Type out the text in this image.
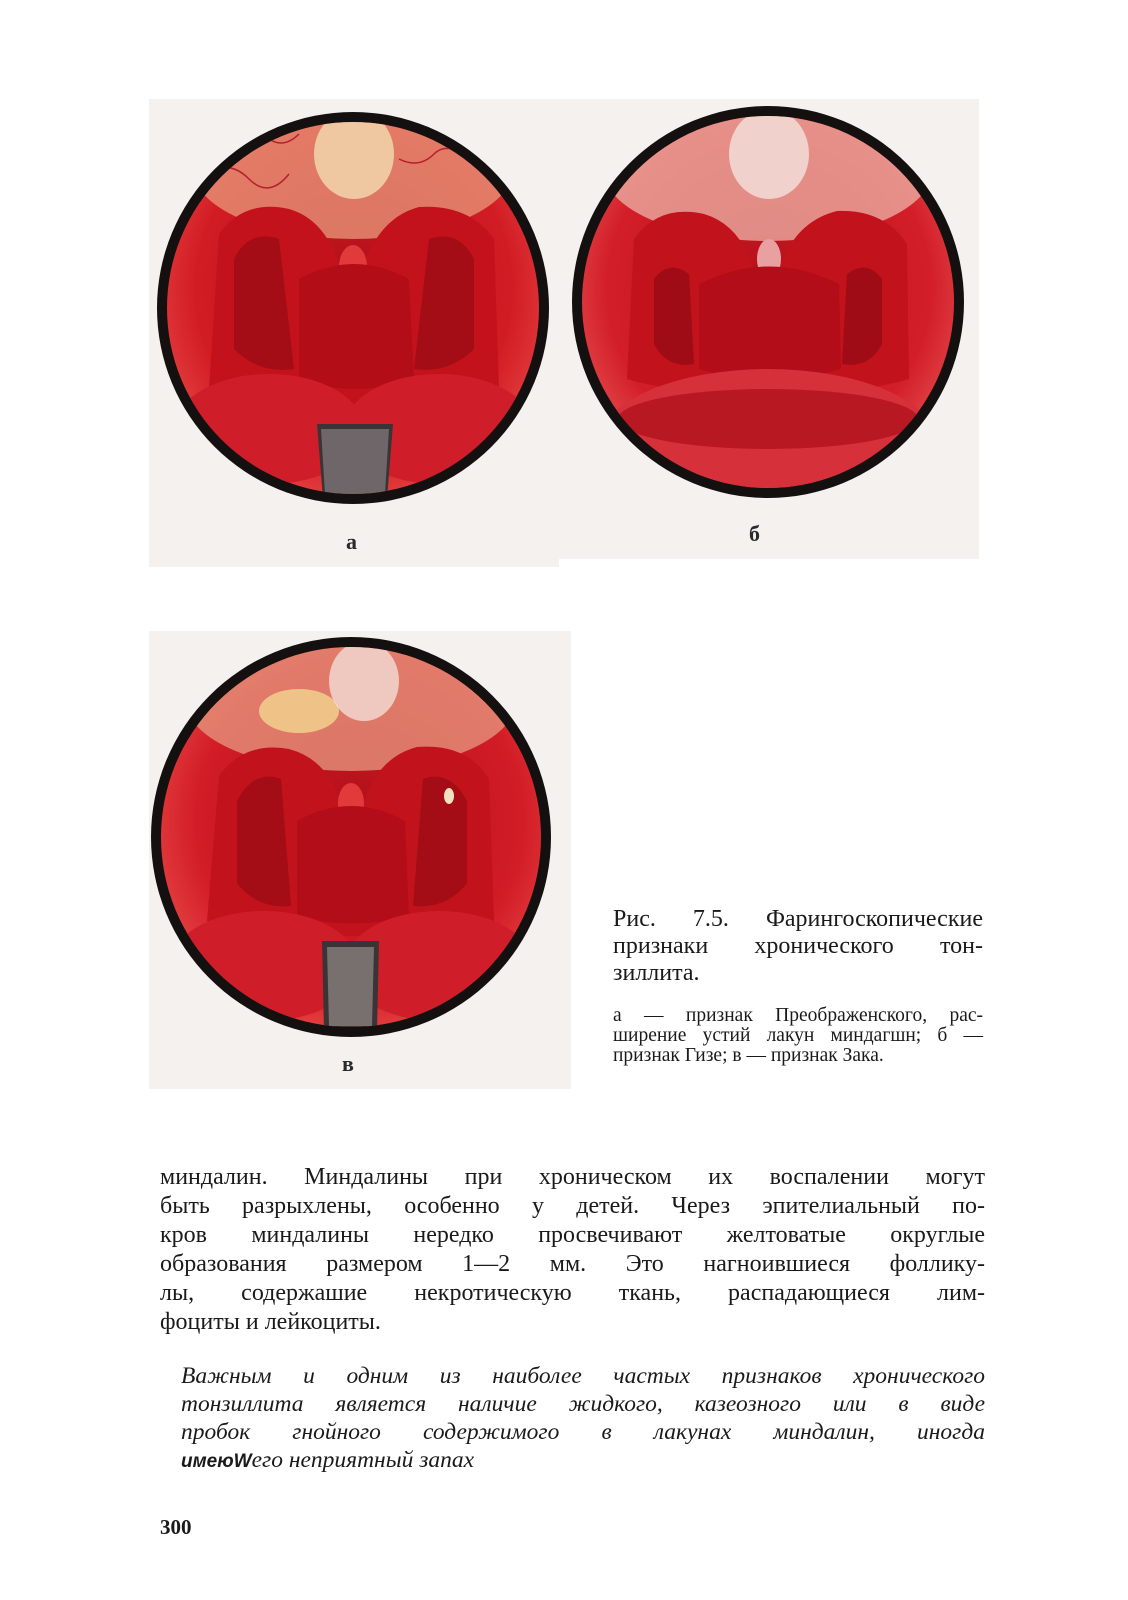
а	б
в
Рис. 7.5. Фарингоскопические признаки хронического тон-зиллита.
а — признак Преображенского, рас-ширение устий лакун миндагшн; б — признак Гизе; в — признак Зака.
миндалин. Миндалины при хроническом их воспалении могут
быть разрыхлены, особенно у детей. Через эпителиальный по-
кров миндалины нередко просвечивают желтоватые округлые
образования размером 1—2 мм. Это нагноившиеся фоллику-
лы, содержашие некротическую ткань, распадающиеся лим-
фоциты и лейкоциты.
Важным и одним из наиболее частых признаков хронического
тонзиллита является наличие жидкого, казеозного или в виде
пробок гнойного содержимого в лакунах миндалин, иногда
имеюWего неприятный запах
300
